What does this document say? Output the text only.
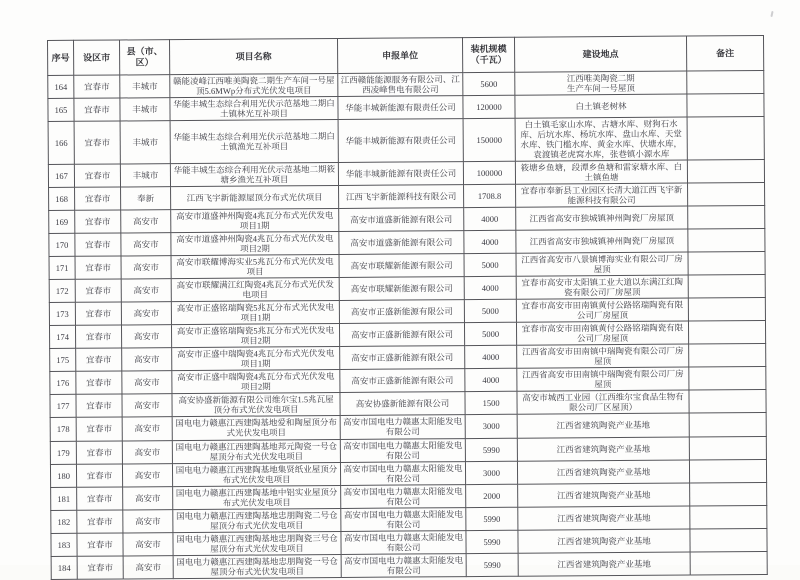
序号	设区市	县（市、区）	项目名称	申报单位	装机规模（千瓦）	建设地点	备注
164	宜春市	丰城市	赣能凌峰江西唯美陶瓷二期生产车间一号屋顶5.6MWp分布式光伏发电项目	江西赣能能源服务有限公司、江西凌峰售电有限公司	5600	江西唯美陶瓷二期
生产车间一号屋顶	
165	宜春市	丰城市	华能丰城生态综合利用光伏示范基地二期白土镇林光互补项目	华能丰城新能源有限责任公司	120000	白土镇老树林	
166	宜春市	丰城市	华能丰城生态综合利用光伏示范基地二期白土镇渔光互补项目	华能丰城新能源有限责任公司	150000	白土镇毛家山水库、古塘水库、财狗石水库、后坑水库、杨坑水库、盘山水库、天堂水库、铁门槛水库、黄金水库、伏塘水库，袁渡镇老虎窝水库，张巷镇小源水库	
167	宜春市	丰城市	华能丰城生态综合利用光伏示范基地二期筱塘乡渔光互补项目	华能丰城新能源有限责任公司	100000	筱塘乡鱼塘，段潭乡鱼塘和雷家塘水库、白土镇鱼塘	
168	宜春市	奉新	江西飞宇新能源屋顶分布式光伏项目	江西飞宇新能源科技有限公司	1708.8	宜春市奉新县工业园区长清大道江西飞宇新能源科技有限公司	
169	宜春市	高安市	高安市道盛神州陶瓷4兆瓦分布式光伏发电项目1期	高安市道盛新能源有限公司	4000	江西省高安市独城镇神州陶瓷厂房屋顶	
170	宜春市	高安市	高安市道盛神州陶瓷4兆瓦分布式光伏发电项目2期	高安市道盛新能源有限公司	4000	江西省高安市独城镇神州陶瓷厂房屋顶	
171	宜春市	高安市	高安市联耀博海实业5兆瓦分布式光伏发电项目	高安市联耀新能源有限公司	5000	江西省高安市八景镇博海实业有限公司厂房屋顶	
172	宜春市	高安市	高安市联耀满江红陶瓷4兆瓦分布式光伏发电项目	高安市联耀新能源有限公司	4000	宜春市高安市太阳镇工业大道以东满江红陶瓷有限公司厂房屋顶	
173	宜春市	高安市	高安市正盛铭瑞陶瓷5兆瓦分布式光伏发电项目1期	高安市正盛新能源有限公司	5000	宜春市高安市田南镇黄付公路铭瑞陶瓷有限公司厂房屋顶	
174	宜春市	高安市	高安市正盛铭瑞陶瓷5兆瓦分布式光伏发电项目2期	高安市正盛新能源有限公司	5000	宜春市高安市田南镇黄付公路铭瑞陶瓷有限公司厂房屋顶	
175	宜春市	高安市	高安市正盛中瑞陶瓷4兆瓦分布式光伏发电项目1期	高安市正盛新能源有限公司	4000	江西省高安市田南镇中瑞陶瓷有限公司厂房屋顶	
176	宜春市	高安市	高安市正盛中瑞陶瓷4兆瓦分布式光伏发电项目2期	高安市正盛新能源有限公司	4000	江西省高安市田南镇中瑞陶瓷有限公司厂房屋顶	
177	宜春市	高安市	高安协盛新能源有限公司维尔宝1.5兆瓦屋顶分布式光伏发电项目	高安协盛新能源有限公司	1500	高安市城西工业园（江西维尔宝食品生物有限公司厂区屋顶）	
178	宜春市	高安市	国电电力赣惠江西建陶基地爱和陶屋顶分布式光伏发电项目	高安市国电电力赣惠太阳能发电有限公司	3000	江西省建筑陶瓷产业基地	
179	宜春市	高安市	国电电力赣惠江西建陶基地邦元陶瓷一号仓屋顶分布式光伏发电项目	高安市国电电力赣惠太阳能发电有限公司	5990	江西省建筑陶瓷产业基地	
180	宜春市	高安市	国电电力赣惠江西建陶基地集贤纸业屋顶分布式光伏发电项目	高安市国电电力赣惠太阳能发电有限公司	3000	江西省建筑陶瓷产业基地	
181	宜春市	高安市	国电电力赣惠江西建陶基地中铝实业屋顶分布式光伏发电项目	高安市国电电力赣惠太阳能发电有限公司	2000	江西省建筑陶瓷产业基地	
182	宜春市	高安市	国电电力赣惠江西建陶基地忠朋陶瓷二号仓屋顶分布式光伏发电项目	高安市国电电力赣惠太阳能发电有限公司	5990	江西省建筑陶瓷产业基地	
183	宜春市	高安市	国电电力赣惠江西建陶基地忠朋陶瓷三号仓屋顶分布式光伏发电项目	高安市国电电力赣惠太阳能发电有限公司	5990	江西省建筑陶瓷产业基地	
184	宜春市	高安市	国电电力赣惠江西建陶基地忠朋陶瓷一号仓屋顶分布式光伏发电项目	高安市国电电力赣惠太阳能发电有限公司	5990	江西省建筑陶瓷产业基地	
